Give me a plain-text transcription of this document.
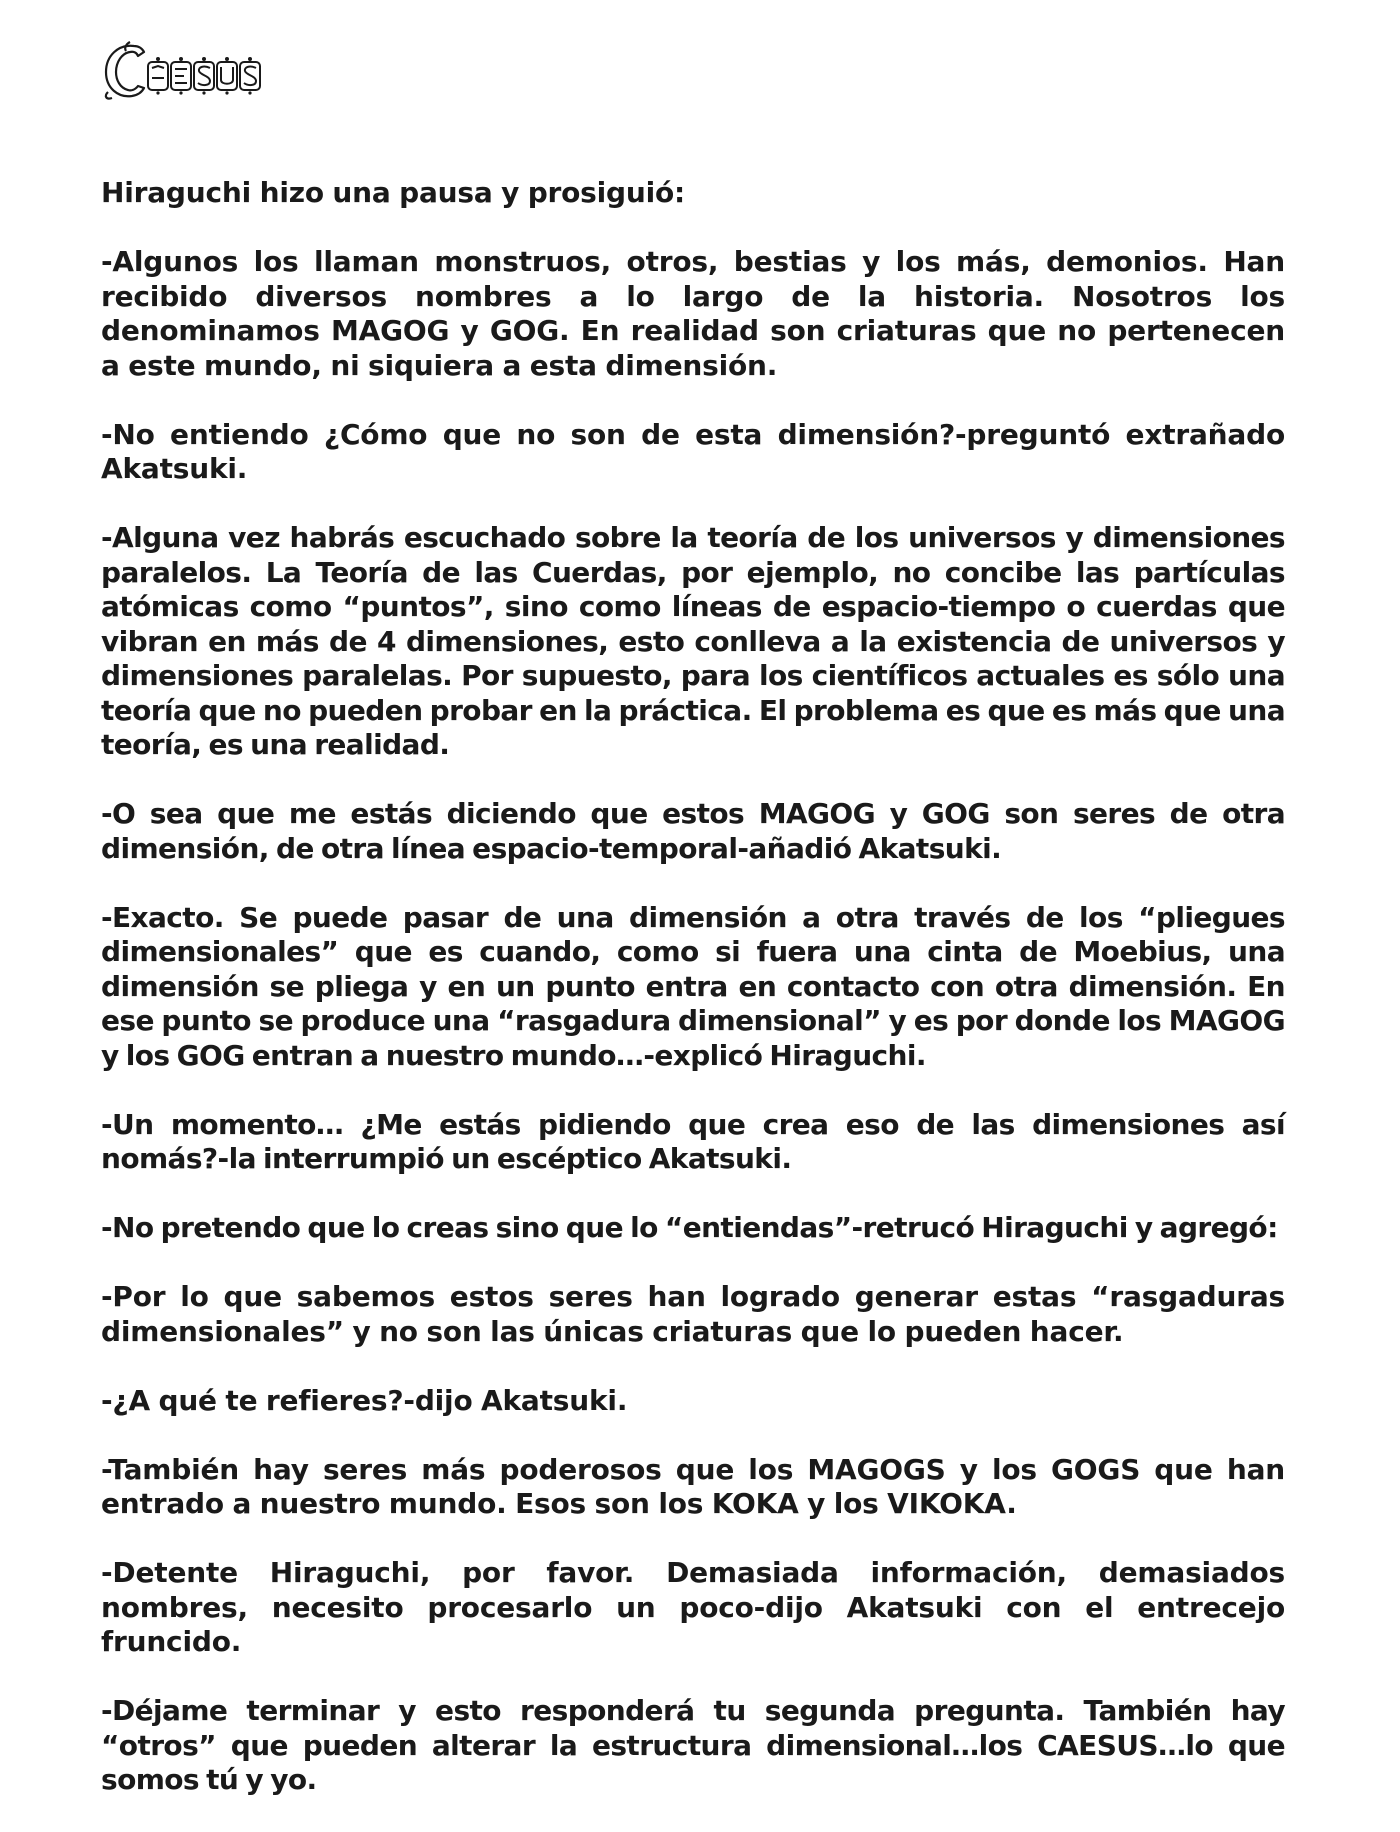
Hiraguchi hizo una pausa y prosiguió:

-Algunos los llaman monstruos, otros, bestias y los más, demonios. Han recibido diversos nombres a lo largo de la historia. Nosotros los denominamos MAGOG y GOG. En realidad son criaturas que no pertenecen a este mundo, ni siquiera a esta dimensión.

-No entiendo ¿Cómo que no son de esta dimensión?-preguntó extrañado Akatsuki.

-Alguna vez habrás escuchado sobre la teoría de los universos y dimensiones paralelos. La Teoría de las Cuerdas, por ejemplo, no concibe las partículas atómicas como “puntos”, sino como líneas de espacio-tiempo o cuerdas que vibran en más de 4 dimensiones, esto conlleva a la existencia de universos y dimensiones paralelas. Por supuesto, para los científicos actuales es sólo una teoría que no pueden probar en la práctica. El problema es que es más que una teoría, es una realidad.

-O sea que me estás diciendo que estos MAGOG y GOG son seres de otra dimensión, de otra línea espacio-temporal-añadió Akatsuki.

-Exacto. Se puede pasar de una dimensión a otra través de los “pliegues dimensionales” que es cuando, como si fuera una cinta de Moebius, una dimensión se pliega y en un punto entra en contacto con otra dimensión. En ese punto se produce una “rasgadura dimensional” y es por donde los MAGOG y los GOG entran a nuestro mundo…-explicó Hiraguchi.

-Un momento… ¿Me estás pidiendo que crea eso de las dimensiones así nomás?-la interrumpió un escéptico Akatsuki.

-No pretendo que lo creas sino que lo “entiendas”-retrucó Hiraguchi y agregó:

-Por lo que sabemos estos seres han logrado generar estas “rasgaduras dimensionales” y no son las únicas criaturas que lo pueden hacer.

-¿A qué te refieres?-dijo Akatsuki.

-También hay seres más poderosos que los MAGOGS y los GOGS que han entrado a nuestro mundo. Esos son los KOKA y los VIKOKA.

-Detente Hiraguchi, por favor. Demasiada información, demasiados nombres, necesito procesarlo un poco-dijo Akatsuki con el entrecejo fruncido.

-Déjame terminar y esto responderá tu segunda pregunta. También hay “otros” que pueden alterar la estructura dimensional…los CAESUS…lo que somos tú y yo.
